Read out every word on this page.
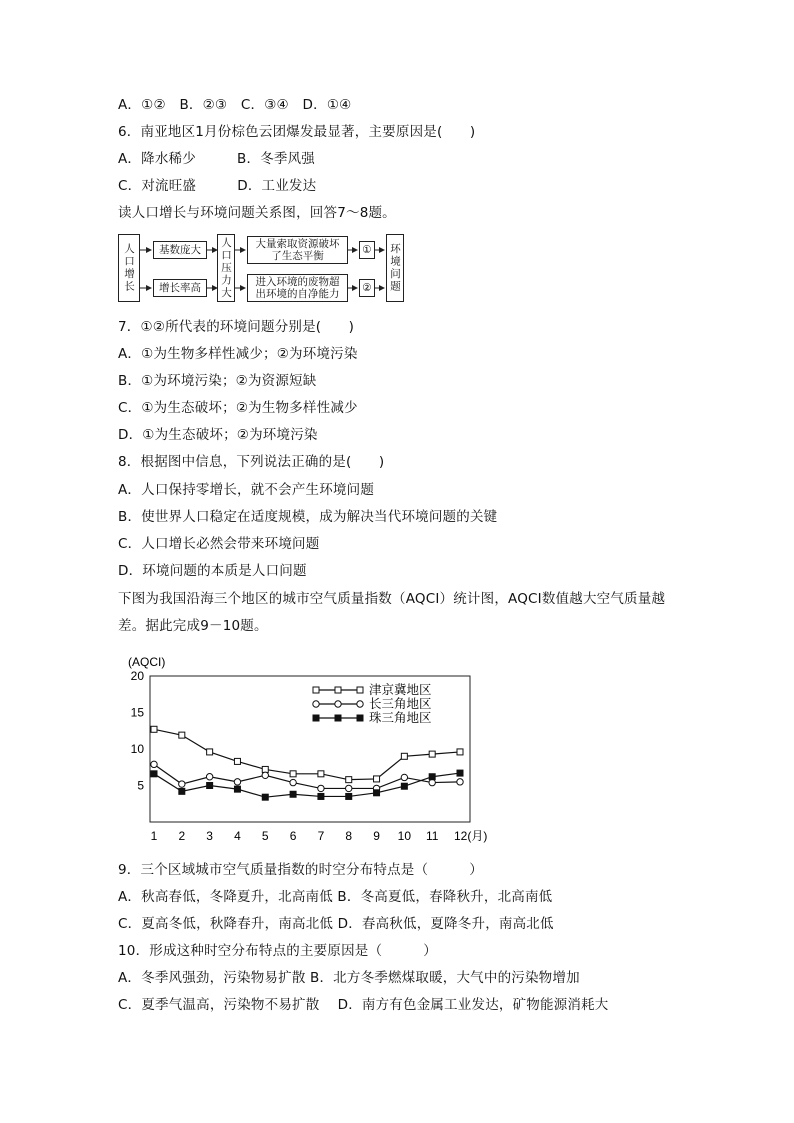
A．①②　B．②③　C．③④　D．①④
6．南亚地区1月份棕色云团爆发最显著，主要原因是(　　)
A．降水稀少　　　B．冬季风强
C．对流旺盛　　　D．工业发达
读人口增长与环境问题关系图，回答7～8题。
人口增长	基数庞大
增长率高	人口压力大	大量索取资源破坏了生态平衡
进入环境的废物超出环境的自净能力
①
②	环境问题
7．①②所代表的环境问题分别是(　　)
A．①为生物多样性减少；②为环境污染
B．①为环境污染；②为资源短缺
C．①为生态破坏；②为生物多样性减少
D．①为生态破坏；②为环境污染
8．根据图中信息，下列说法正确的是(　　)
A．人口保持零增长，就不会产生环境问题
B．使世界人口稳定在适度规模，成为解决当代环境问题的关键
C．人口增长必然会带来环境问题
D．环境问题的本质是人口问题
下图为我国沿海三个地区的城市空气质量指数（AQCI）统计图，AQCI数值越大空气质量越
差。据此完成9－10题。
(AQCI)
5
10
15
20
1 2 3 4 5 6 7 8 9 10 11 12(月)
津京冀地区
长三角地区
珠三角地区
9．三个区域城市空气质量指数的时空分布特点是（　　　）
A．秋高春低，冬降夏升，北高南低 B．冬高夏低，春降秋升，北高南低
C．夏高冬低，秋降春升，南高北低 D．春高秋低，夏降冬升，南高北低
10．形成这种时空分布特点的主要原因是（　　　）
A．冬季风强劲，污染物易扩散 B．北方冬季燃煤取暖，大气中的污染物增加
C．夏季气温高，污染物不易扩散　 D．南方有色金属工业发达，矿物能源消耗大
